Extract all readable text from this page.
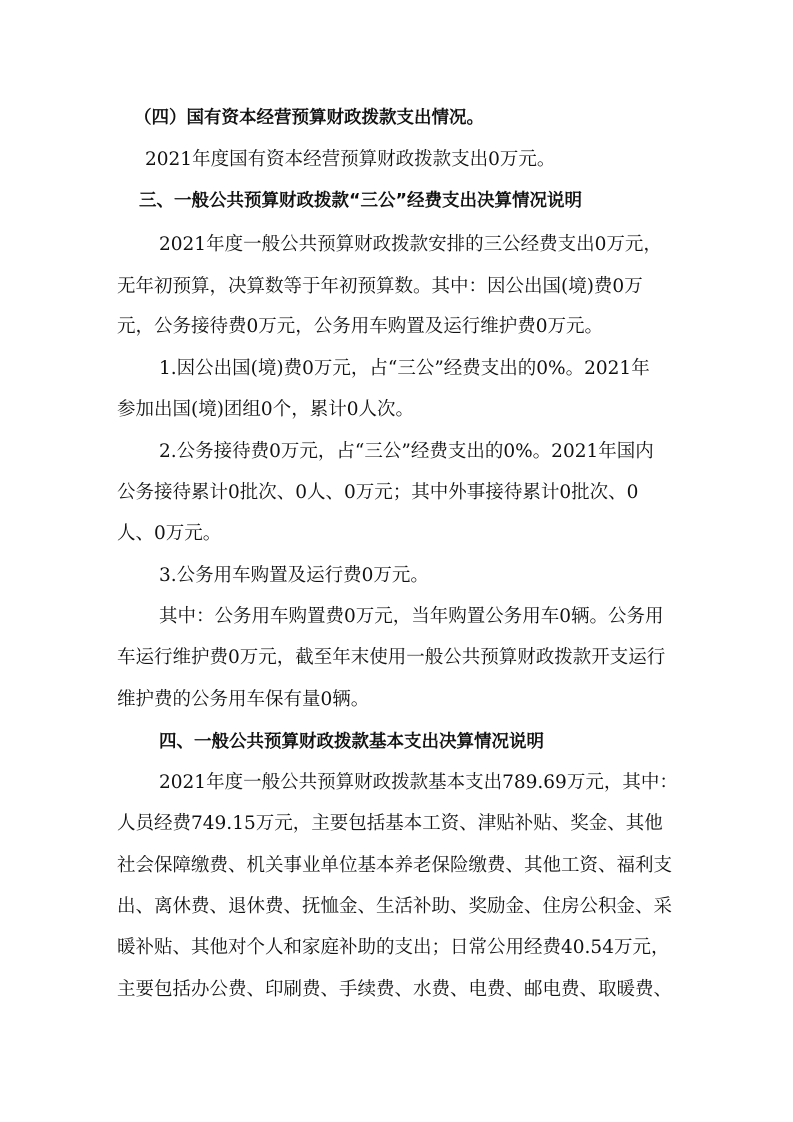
（四）国有资本经营预算财政拨款支出情况。
2021年度国有资本经营预算财政拨款支出0万元。
三、一般公共预算财政拨款“三公”经费支出决算情况说明
2021年度一般公共预算财政拨款安排的三公经费支出0万元，
无年初预算，决算数等于年初预算数。其中：因公出国(境)费0万
元，公务接待费0万元，公务用车购置及运行维护费0万元。
1.因公出国(境)费0万元，占“三公”经费支出的0%。2021年
参加出国(境)团组0个，累计0人次。
2.公务接待费0万元，占“三公”经费支出的0%。2021年国内
公务接待累计0批次、0人、0万元；其中外事接待累计0批次、0
人、0万元。
3.公务用车购置及运行费0万元。
其中：公务用车购置费0万元，当年购置公务用车0辆。公务用
车运行维护费0万元，截至年末使用一般公共预算财政拨款开支运行
维护费的公务用车保有量0辆。
四、一般公共预算财政拨款基本支出决算情况说明
2021年度一般公共预算财政拨款基本支出789.69万元，其中：
人员经费749.15万元，主要包括基本工资、津贴补贴、奖金、其他
社会保障缴费、机关事业单位基本养老保险缴费、其他工资、福利支
出、离休费、退休费、抚恤金、生活补助、奖励金、住房公积金、采
暖补贴、其他对个人和家庭补助的支出；日常公用经费40.54万元，
主要包括办公费、印刷费、手续费、水费、电费、邮电费、取暖费、
